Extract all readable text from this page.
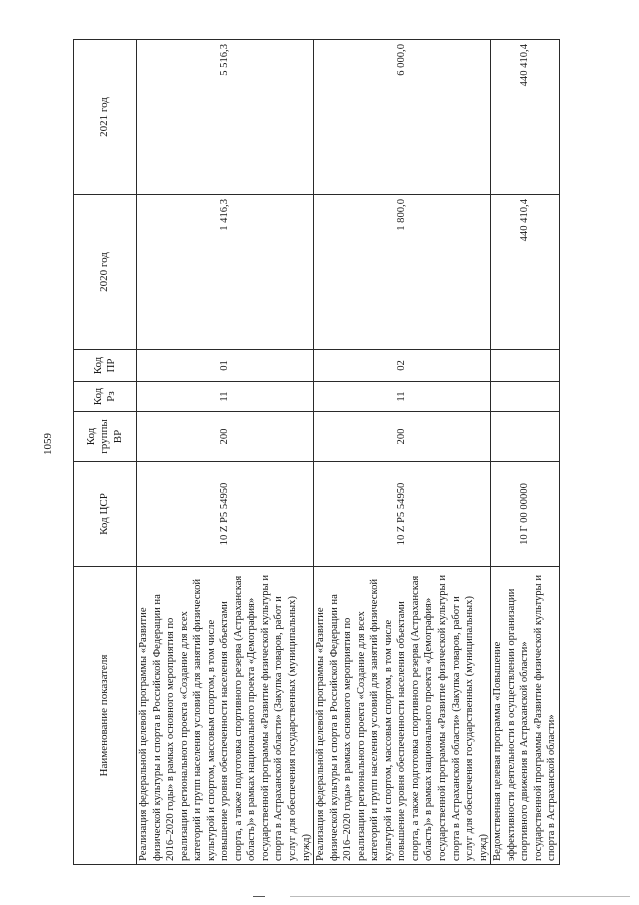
1059
Наименование показателя	Код ЦСР	Код группы ВР	Код Рз	Код ПР	2020 год	2021 год
Реализация федеральной целевой программы «Развитие физической культуры и спорта в Российской Федерации на 2016–2020 годы» в рамках основного мероприятия по реализации регионального проекта «Создание для всех категорий и групп населения условий для занятий физической культурой и спортом, массовым спортом, в том числе повышение уровня обеспеченности населения объектами спорта, а также подготовка спортивного резерва (Астраханская область)» в рамках национального проекта «Демография» государственной программы «Развитие физической культуры и спорта в Астраханской области» (Закупка товаров, работ и услуг для обеспечения государственных (муниципальных) нужд)	10 Z P5 54950	200	11	01	1 416,3	5 516,3
Реализация федеральной целевой программы «Развитие физической культуры и спорта в Российской Федерации на 2016–2020 годы» в рамках основного мероприятия по реализации регионального проекта «Создание для всех категорий и групп населения условий для занятий физической культурой и спортом, массовым спортом, в том числе повышение уровня обеспеченности населения объектами спорта, а также подготовка спортивного резерва (Астраханская область)» в рамках национального проекта «Демография» государственной программы «Развитие физической культуры и спорта в Астраханской области» (Закупка товаров, работ и услуг для обеспечения государственных (муниципальных) нужд)	10 Z P5 54950	200	11	02	1 800,0	6 000,0
Ведомственная целевая программа «Повышение эффективности деятельности в осуществлении организации спортивного движения в Астраханской области» государственной программы «Развитие физической культуры и спорта в Астраханской области»	10 Г 00 00000				440 410,4	440 410,4
